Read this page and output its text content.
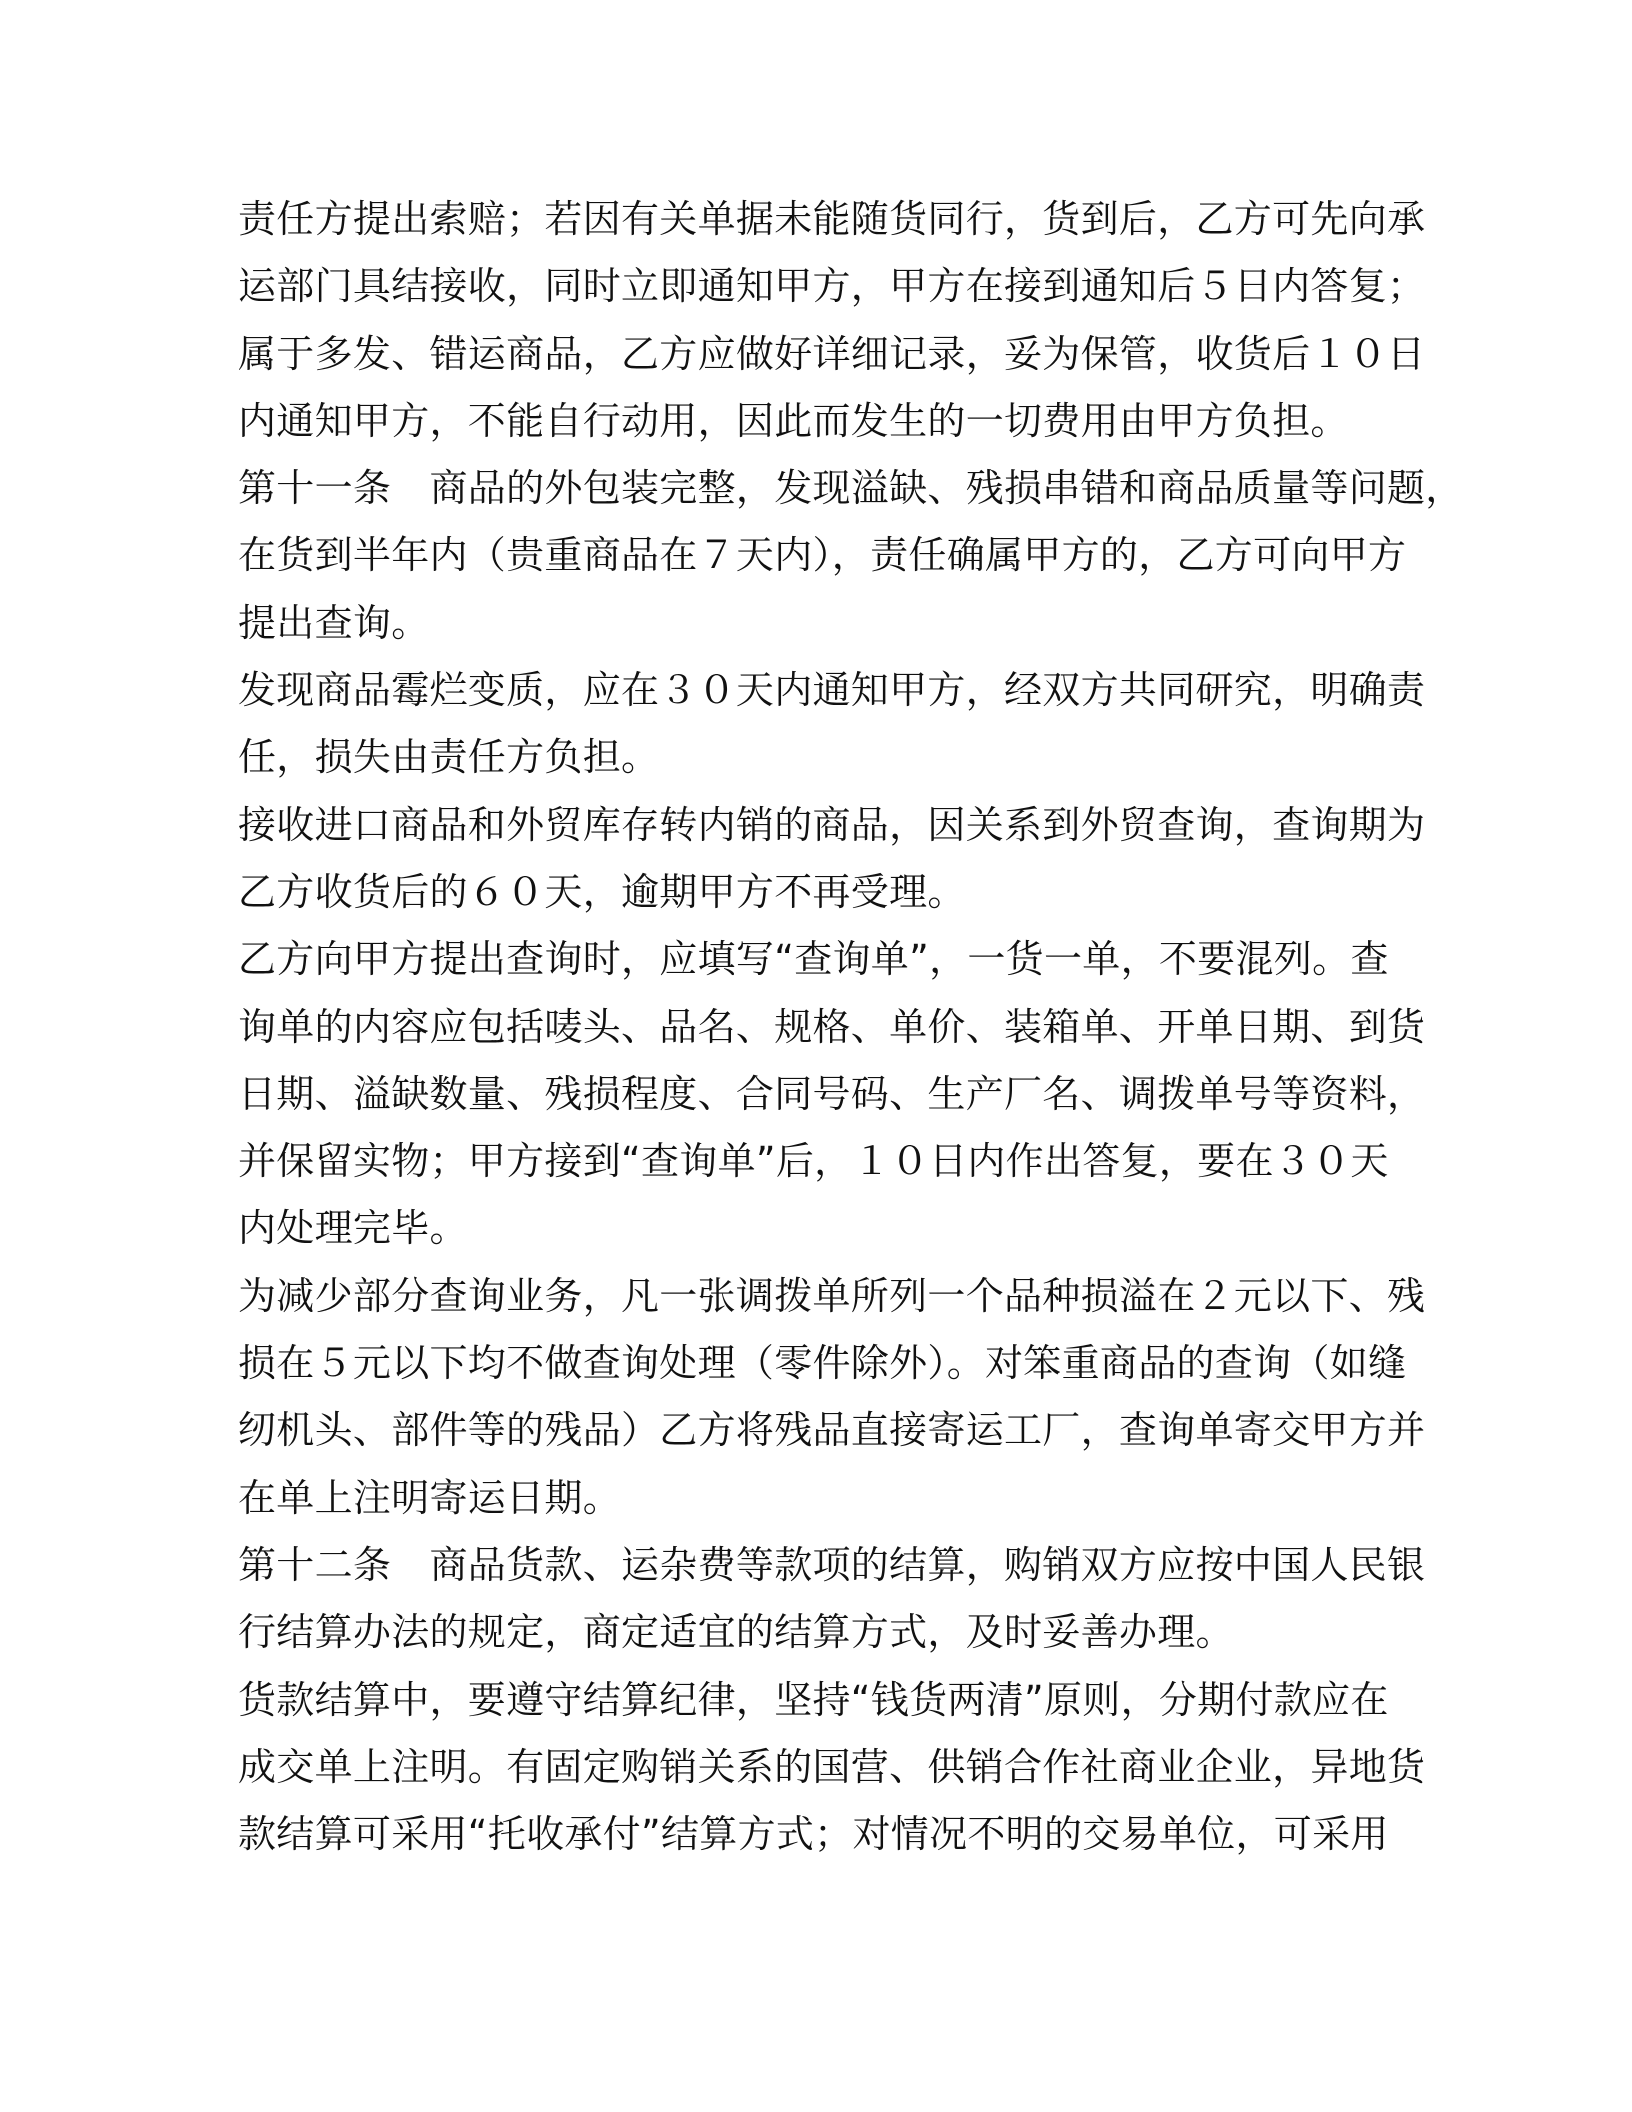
责任方提出索赔；若因有关单据未能随货同行，货到后，乙方可先向承
运部门具结接收，同时立即通知甲方，甲方在接到通知后５日内答复；
属于多发、错运商品，乙方应做好详细记录，妥为保管，收货后１０日
内通知甲方，不能自行动用，因此而发生的一切费用由甲方负担。
第十一条　商品的外包装完整，发现溢缺、残损串错和商品质量等问题，
在货到半年内（贵重商品在７天内），责任确属甲方的，乙方可向甲方
提出查询。
发现商品霉烂变质，应在３０天内通知甲方，经双方共同研究，明确责
任，损失由责任方负担。
接收进口商品和外贸库存转内销的商品，因关系到外贸查询，查询期为
乙方收货后的６０天，逾期甲方不再受理。
乙方向甲方提出查询时，应填写“查询单”，一货一单，不要混列。查
询单的内容应包括唛头、品名、规格、单价、装箱单、开单日期、到货
日期、溢缺数量、残损程度、合同号码、生产厂名、调拨单号等资料，
并保留实物；甲方接到“查询单”后，１０日内作出答复，要在３０天
内处理完毕。
为减少部分查询业务，凡一张调拨单所列一个品种损溢在２元以下、残
损在５元以下均不做查询处理（零件除外）。对笨重商品的查询（如缝
纫机头、部件等的残品）乙方将残品直接寄运工厂，查询单寄交甲方并
在单上注明寄运日期。
第十二条　商品货款、运杂费等款项的结算，购销双方应按中国人民银
行结算办法的规定，商定适宜的结算方式，及时妥善办理。
货款结算中，要遵守结算纪律，坚持“钱货两清”原则，分期付款应在
成交单上注明。有固定购销关系的国营、供销合作社商业企业，异地货
款结算可采用“托收承付”结算方式；对情况不明的交易单位，可采用
